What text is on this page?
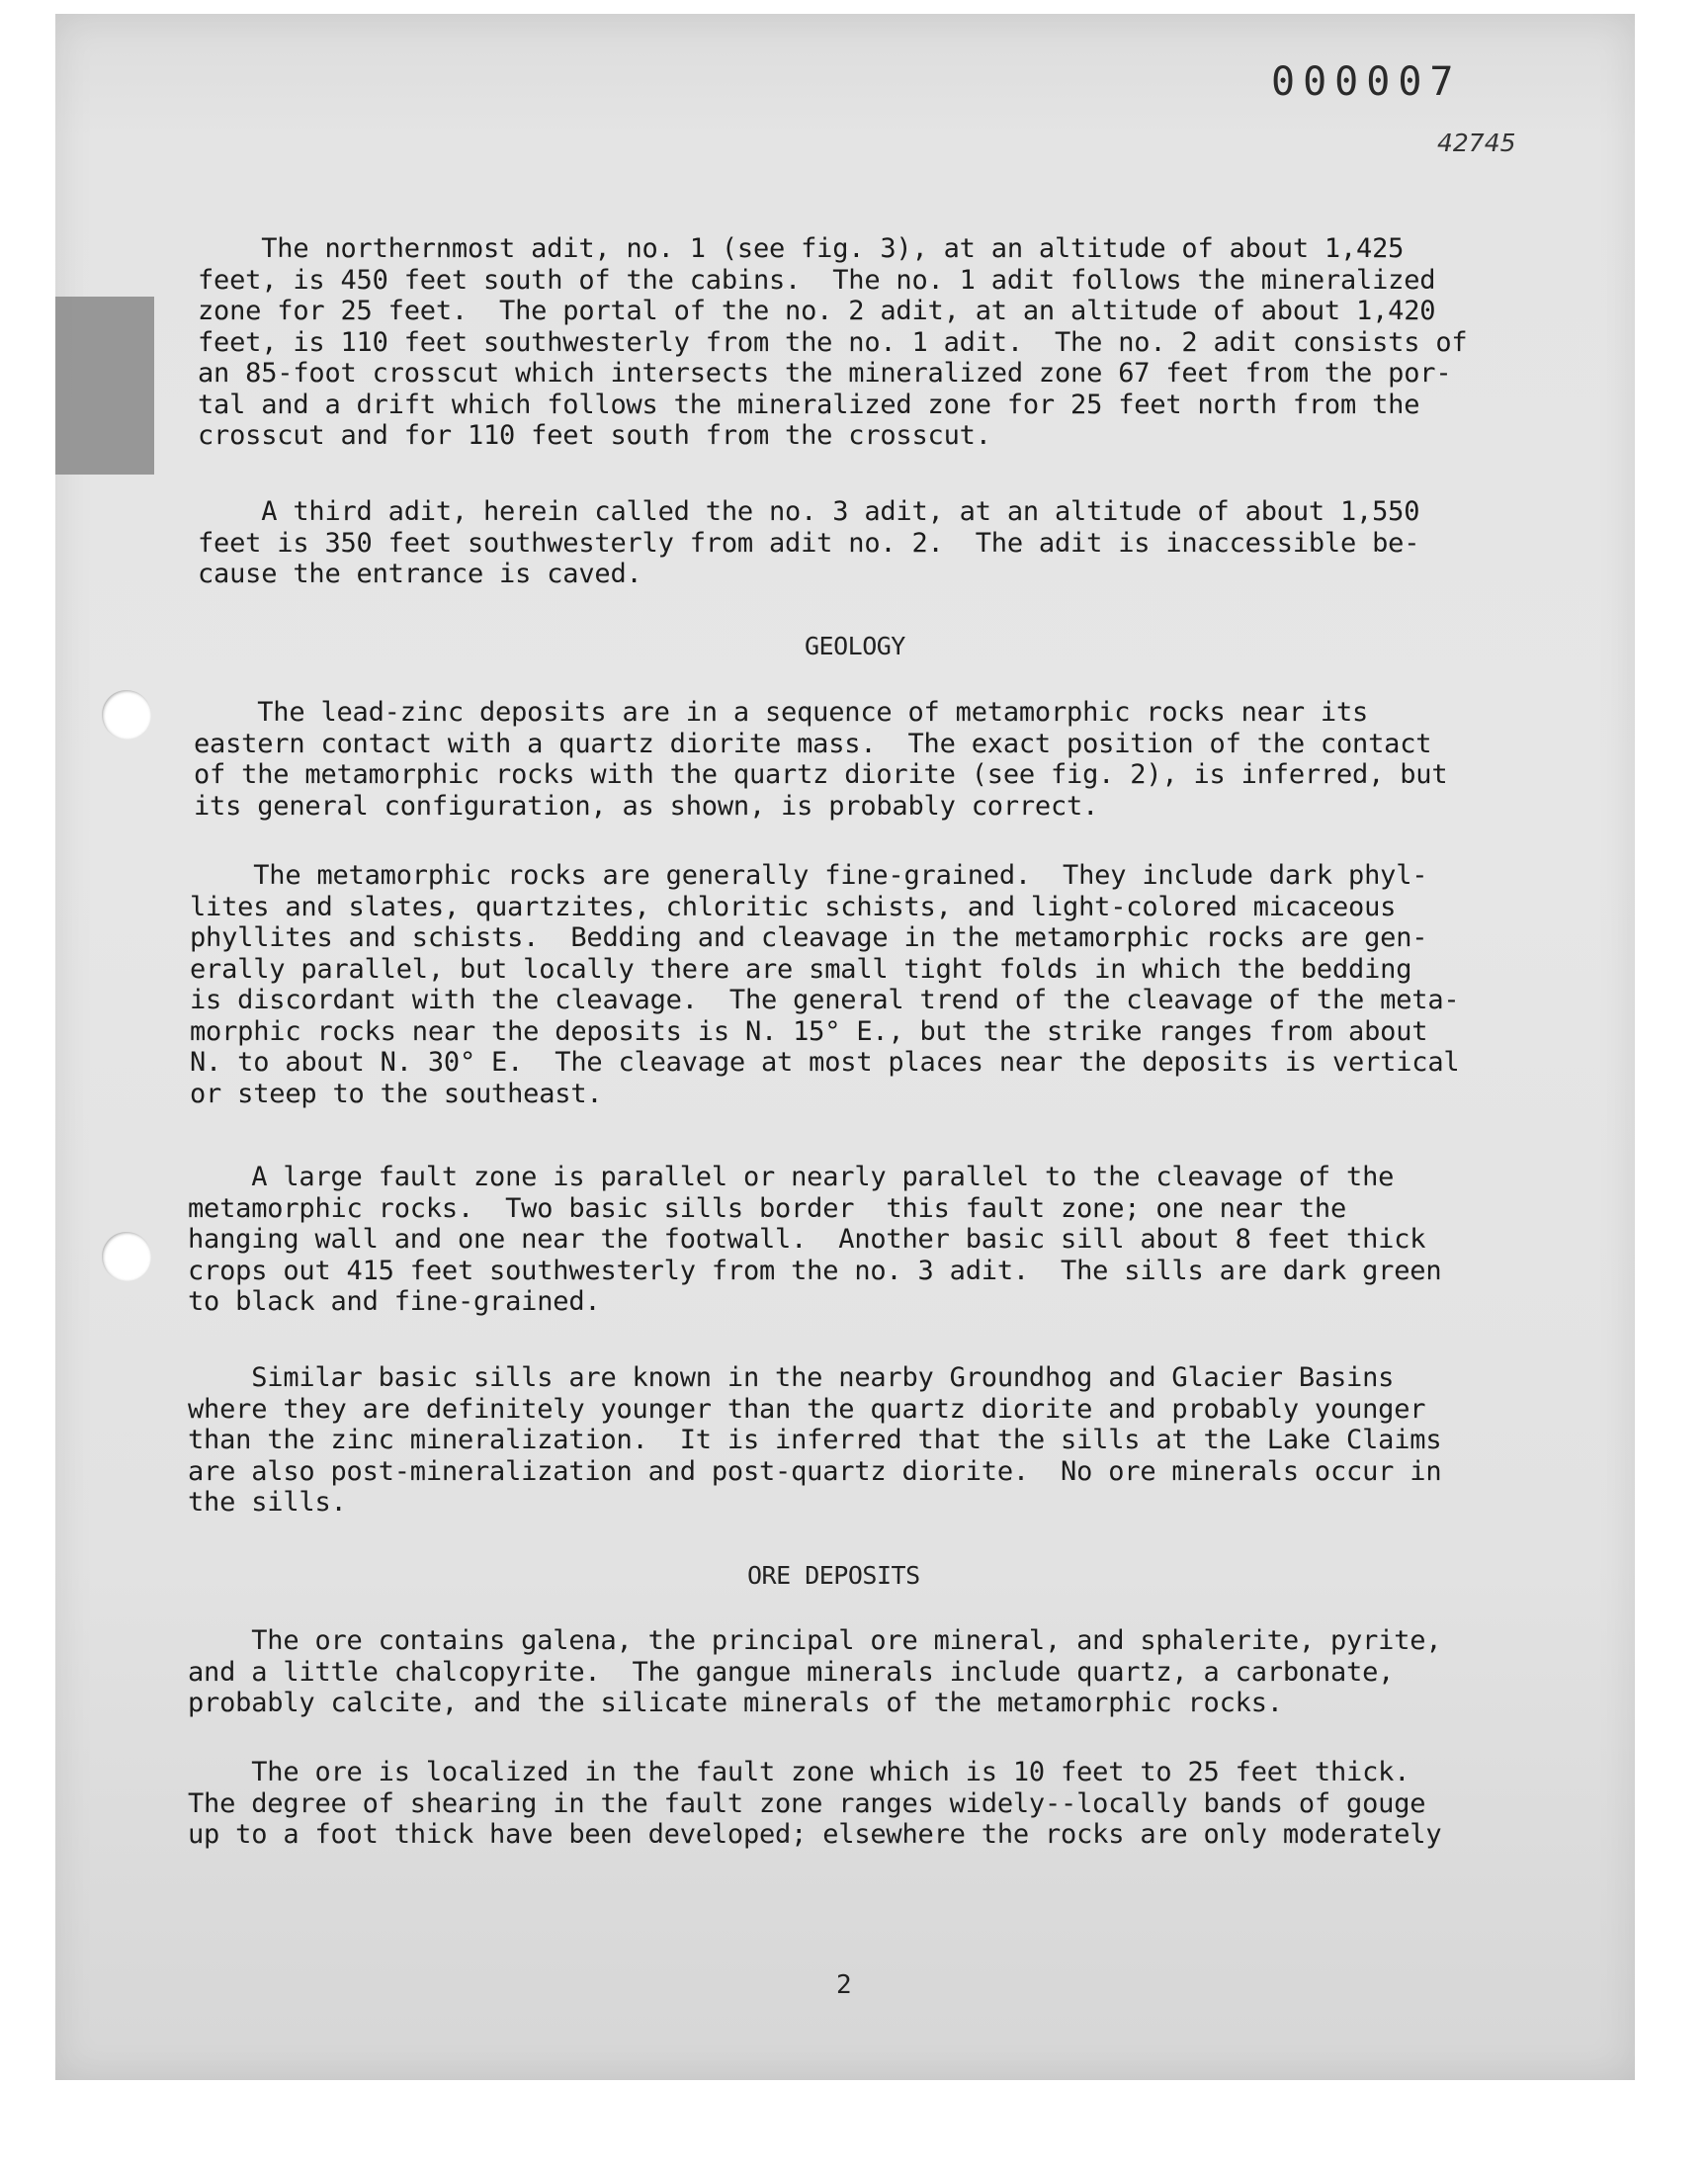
000007
42745
The northernmost adit, no. 1 (see fig. 3), at an altitude of about 1,425
feet, is 450 feet south of the cabins.  The no. 1 adit follows the mineralized
zone for 25 feet.  The portal of the no. 2 adit, at an altitude of about 1,420
feet, is 110 feet southwesterly from the no. 1 adit.  The no. 2 adit consists of
an 85-foot crosscut which intersects the mineralized zone 67 feet from the por-
tal and a drift which follows the mineralized zone for 25 feet north from the
crosscut and for 110 feet south from the crosscut.
A third adit, herein called the no. 3 adit, at an altitude of about 1,550
feet is 350 feet southwesterly from adit no. 2.  The adit is inaccessible be-
cause the entrance is caved.
GEOLOGY
The lead-zinc deposits are in a sequence of metamorphic rocks near its
eastern contact with a quartz diorite mass.  The exact position of the contact
of the metamorphic rocks with the quartz diorite (see fig. 2), is inferred, but
its general configuration, as shown, is probably correct.
The metamorphic rocks are generally fine-grained.  They include dark phyl-
lites and slates, quartzites, chloritic schists, and light-colored micaceous
phyllites and schists.  Bedding and cleavage in the metamorphic rocks are gen-
erally parallel, but locally there are small tight folds in which the bedding
is discordant with the cleavage.  The general trend of the cleavage of the meta-
morphic rocks near the deposits is N. 15° E., but the strike ranges from about
N. to about N. 30° E.  The cleavage at most places near the deposits is vertical
or steep to the southeast.
A large fault zone is parallel or nearly parallel to the cleavage of the
metamorphic rocks.  Two basic sills border  this fault zone; one near the
hanging wall and one near the footwall.  Another basic sill about 8 feet thick
crops out 415 feet southwesterly from the no. 3 adit.  The sills are dark green
to black and fine-grained.
Similar basic sills are known in the nearby Groundhog and Glacier Basins
where they are definitely younger than the quartz diorite and probably younger
than the zinc mineralization.  It is inferred that the sills at the Lake Claims
are also post-mineralization and post-quartz diorite.  No ore minerals occur in
the sills.
ORE DEPOSITS
The ore contains galena, the principal ore mineral, and sphalerite, pyrite,
and a little chalcopyrite.  The gangue minerals include quartz, a carbonate,
probably calcite, and the silicate minerals of the metamorphic rocks.
The ore is localized in the fault zone which is 10 feet to 25 feet thick.
The degree of shearing in the fault zone ranges widely--locally bands of gouge
up to a foot thick have been developed; elsewhere the rocks are only moderately
2
